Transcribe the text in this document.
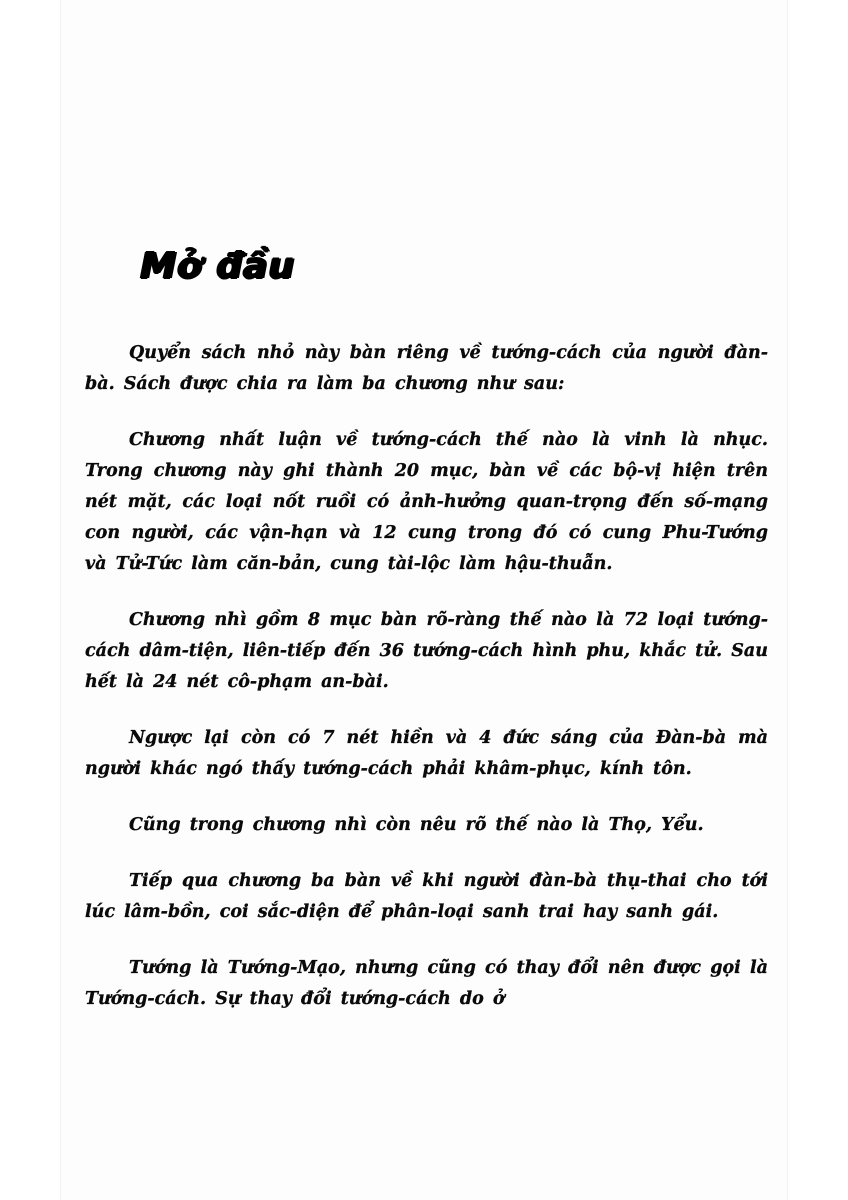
Mở đầu

Quyển sách nhỏ này bàn riêng về tướng-cách của người đàn-bà. Sách được chia ra làm ba chương như sau:

Chương nhất luận về tướng-cách thế nào là vinh là nhục. Trong chương này ghi thành 20 mục, bàn về các bộ-vị hiện trên nét mặt, các loại nốt ruồi có ảnh-hưởng quan-trọng đến số-mạng con người, các vận-hạn và 12 cung trong đó có cung Phu-Tướng và Tử-Tức làm căn-bản, cung tài-lộc làm hậu-thuẫn.

Chương nhì gồm 8 mục bàn rõ-ràng thế nào là 72 loại tướng-cách dâm-tiện, liên-tiếp đến 36 tướng-cách hình phu, khắc tử. Sau hết là 24 nét cô-phạm an-bài.

Ngược lại còn có 7 nét hiền và 4 đức sáng của Đàn-bà mà người khác ngó thấy tướng-cách phải khâm-phục, kính tôn.

Cũng trong chương nhì còn nêu rõ thế nào là Thọ, Yểu.

Tiếp qua chương ba bàn về khi người đàn-bà thụ-thai cho tới lúc lâm-bồn, coi sắc-diện để phân-loại sanh trai hay sanh gái.

Tướng là Tướng-Mạo, nhưng cũng có thay đổi nên được gọi là Tướng-cách. Sự thay đổi tướng-cách do ở
